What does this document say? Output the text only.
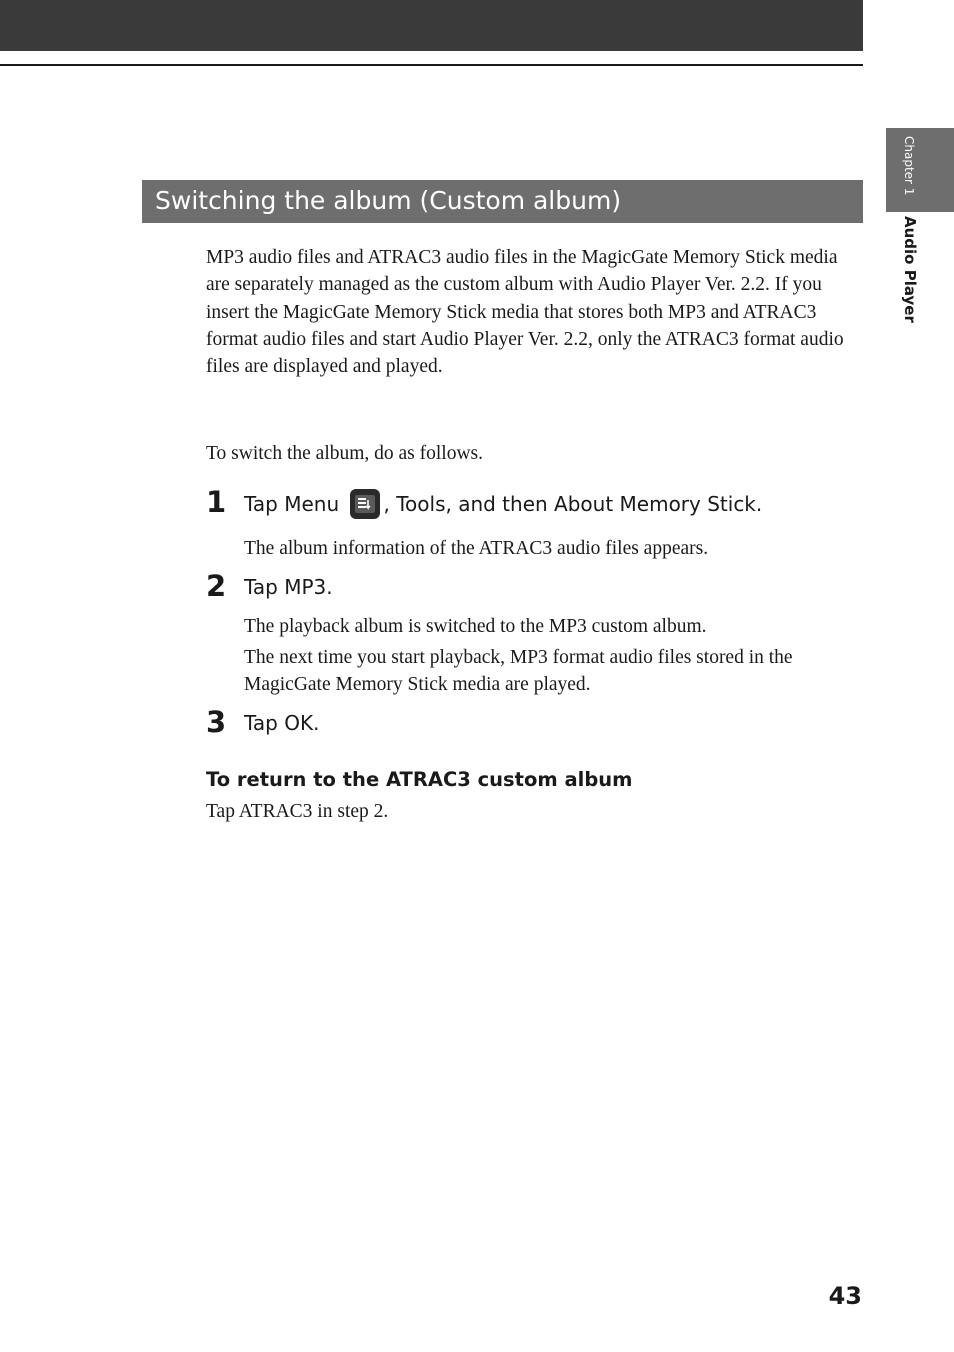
Chapter 1Audio Player
Switching the album (Custom album)

MP3 audio files and ATRAC3 audio files in the MagicGate Memory Stick media are separately managed as the custom album with Audio Player Ver. 2.2. If you insert the MagicGate Memory Stick media that stores both MP3 and ATRAC3 format audio files and start Audio Player Ver. 2.2, only the ATRAC3 format audio files are displayed and played.

To switch the album, do as follows.

1 Tap Menu , Tools, and then About Memory Stick.

The album information of the ATRAC3 audio files appears.

2 Tap MP3.

The playback album is switched to the MP3 custom album.

The next time you start playback, MP3 format audio files stored in the MagicGate Memory Stick media are played.

3 Tap OK.
To return to the ATRAC3 custom album

Tap ATRAC3 in step 2.

43
